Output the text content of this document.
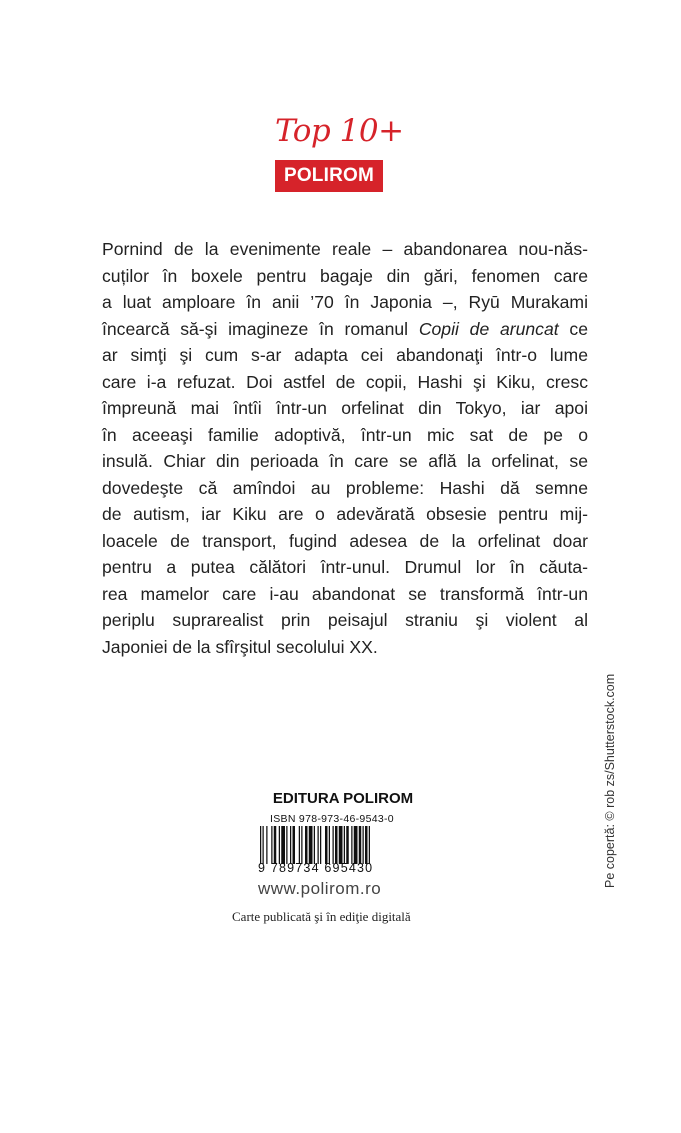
Top 10+
POLIROM
Pornind de la evenimente reale – abandonarea nou-năs-
cuților în boxele pentru bagaje din gări, fenomen care
a luat amploare în anii ’70 în Japonia –, Ryū Murakami
încearcă să-şi imagineze în romanul Copii de aruncat ce
ar simţi şi cum s-ar adapta cei abandonaţi într-o lume
care i-a refuzat. Doi astfel de copii, Hashi şi Kiku, cresc
împreună mai întîi într-un orfelinat din Tokyo, iar apoi
în aceeaşi familie adoptivă, într-un mic sat de pe o
insulă. Chiar din perioada în care se află la orfelinat, se
dovedeşte că amîndoi au probleme: Hashi dă semne
de autism, iar Kiku are o adevărată obsesie pentru mij-
loacele de transport, fugind adesea de la orfelinat doar
pentru a putea călători într-unul. Drumul lor în căuta-
rea mamelor care i-au abandonat se transformă într-un
periplu suprarealist prin peisajul straniu şi violent al
Japoniei de la sfîrşitul secolului XX.
EDITURA POLIROM
ISBN 978-973-46-9543-0
9 789734 695430
www.polirom.ro
Carte publicată şi în ediţie digitală
Pe copertă: © rob zs/Shutterstock.com
